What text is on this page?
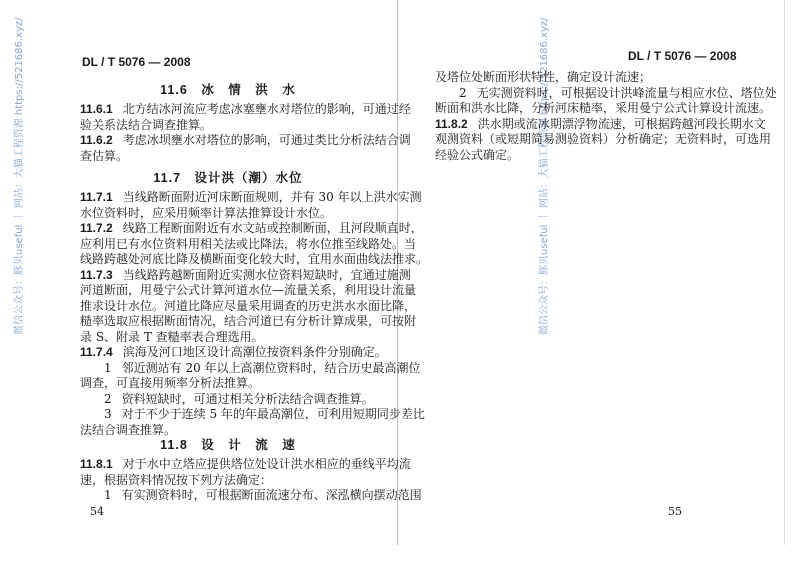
微信公众号：豚贝useful ｜ 网站：大猫工程资源 https://521686.xyz/	微信公众号：豚贝useful ｜ 网站：大猫工程资源 https://521686.xyz/
DL / T 5076 — 2008
11.6　冰　情　洪　水
11.6.1 北方结冰河流应考虑冰塞壅水对塔位的影响，可通过经
验关系法结合调查推算。
11.6.2 考虑冰坝壅水对塔位的影响，可通过类比分析法结合调
查估算。
11.7　设计洪（潮）水位
11.7.1 当线路断面附近河床断面规则，并有 30 年以上洪水实测
水位资料时，应采用频率计算法推算设计水位。
11.7.2 线路工程断面附近有水文站或控制断面，且河段顺直时，
应利用已有水位资料用相关法或比降法，将水位推至线路处。当
线路跨越处河底比降及横断面变化较大时，宜用水面曲线法推求。
11.7.3 当线路跨越断面附近实测水位资料短缺时，宜通过施测
河道断面，用曼宁公式计算河道水位—流量关系，利用设计流量
推求设计水位。河道比降应尽量采用调查的历史洪水水面比降，
糙率选取应根据断面情况，结合河道已有分析计算成果，可按附
录 S、附录 T 查糙率表合理选用。
11.7.4 滨海及河口地区设计高潮位按资料条件分别确定。
1 邻近测站有 20 年以上高潮位资料时，结合历史最高潮位
调查，可直接用频率分析法推算。
2 资料短缺时，可通过相关分析法结合调查推算。
3 对于不少于连续 5 年的年最高潮位，可利用短期同步差比
法结合调查推算。
11.8　设　计　流　速
11.8.1 对于水中立塔应提供塔位处设计洪水相应的垂线平均流
速，根据资料情况按下列方法确定：
1 有实测资料时，可根据断面流速分布、深泓横向摆动范围
54
DL / T 5076 — 2008
及塔位处断面形状特性，确定设计流速；
2 无实测资料时，可根据设计洪峰流量与相应水位、塔位处
断面和洪水比降，分析河床糙率，采用曼宁公式计算设计流速。
11.8.2 洪水期或流冰期漂浮物流速，可根据跨越河段长期水文
观测资料（或短期简易测验资料）分析确定；无资料时，可选用
经验公式确定。
55
